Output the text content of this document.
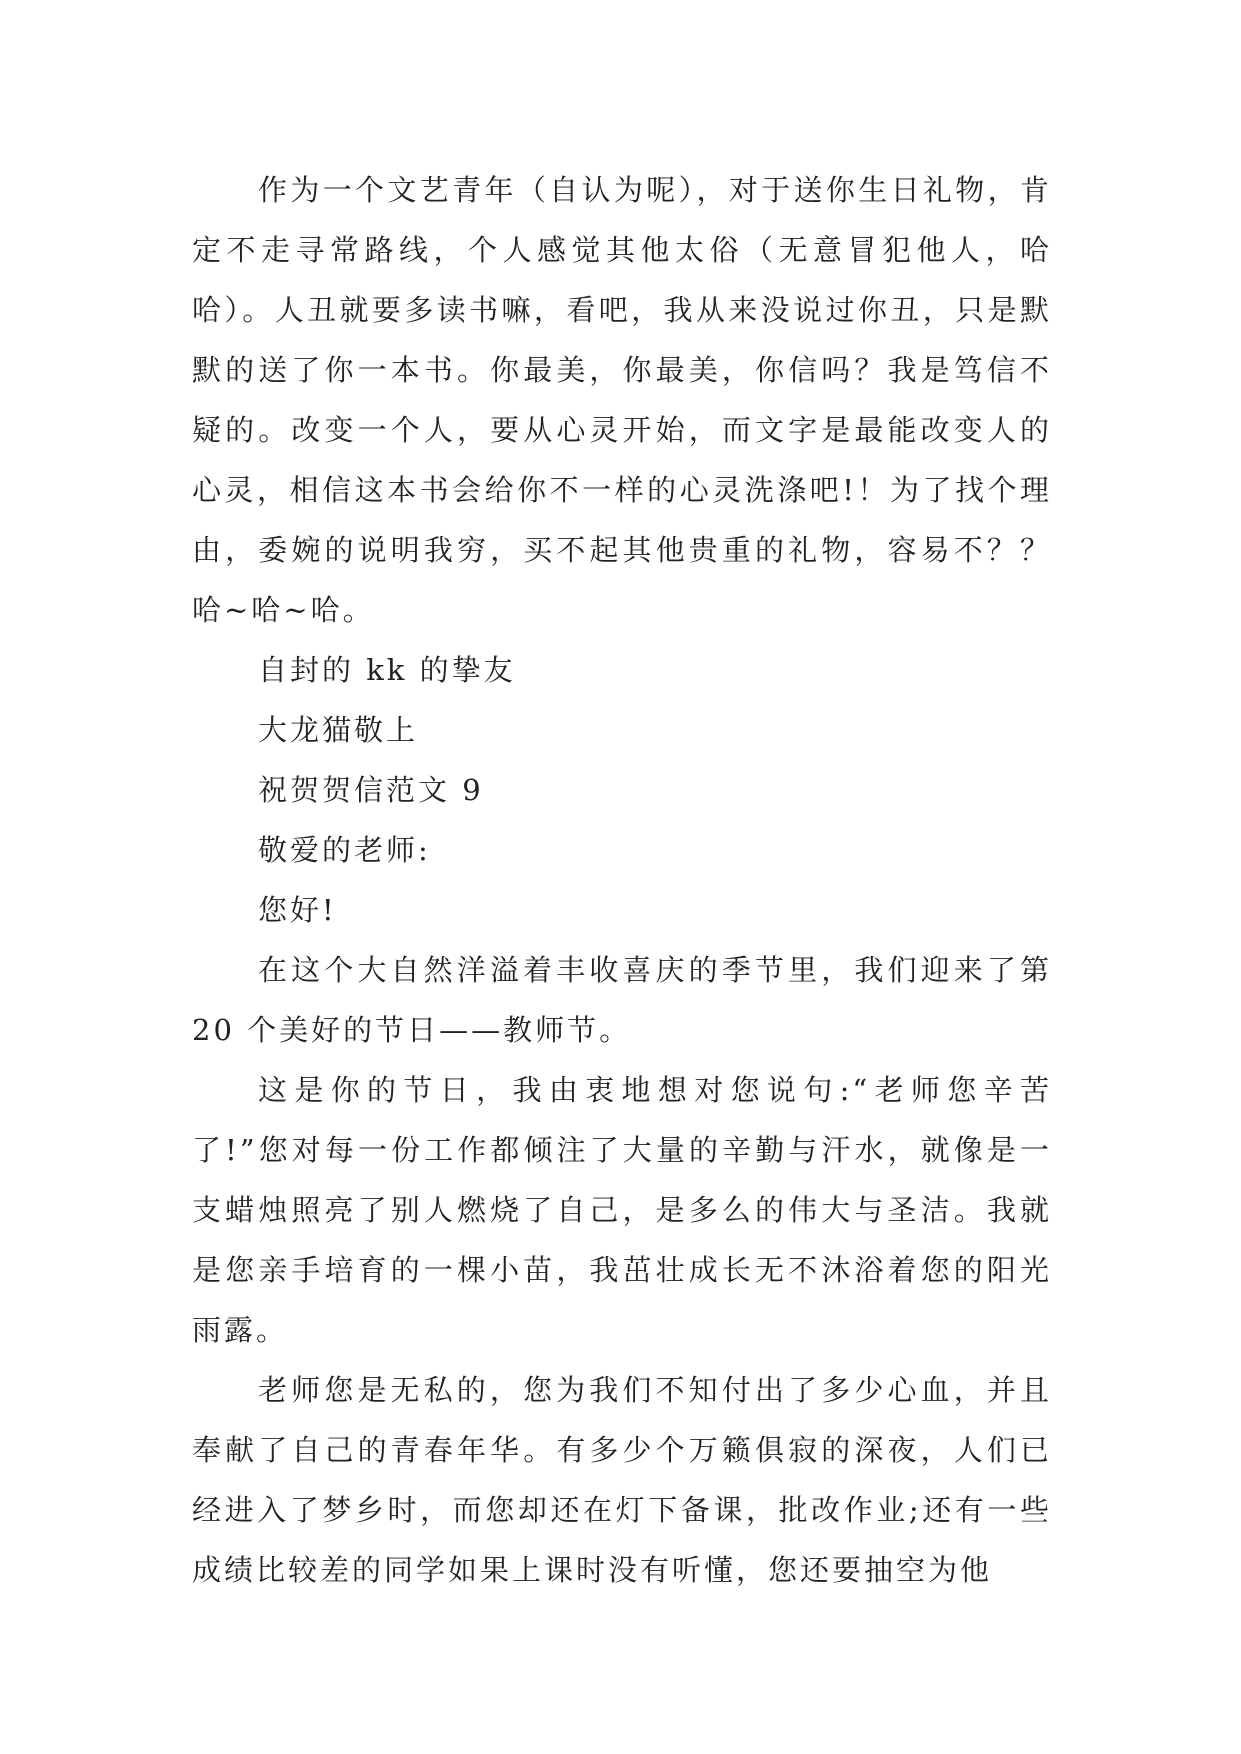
作为一个文艺青年（自认为呢），对于送你生日礼物，肯定不走寻常路线，个人感觉其他太俗（无意冒犯他人，哈哈）。人丑就要多读书嘛，看吧，我从来没说过你丑，只是默默的送了你一本书。你最美，你最美，你信吗？我是笃信不疑的。改变一个人，要从心灵开始，而文字是最能改变人的心灵，相信这本书会给你不一样的心灵洗涤吧!！为了找个理由，委婉的说明我穷，买不起其他贵重的礼物，容易不？？哈~哈~哈。

自封的 kk 的挚友

大龙猫敬上

祝贺贺信范文 9

敬爱的老师:

您好!

在这个大自然洋溢着丰收喜庆的季节里，我们迎来了第 20 个美好的节日——教师节。

这是你的节日，我由衷地想对您说句:“老师您辛苦了!”您对每一份工作都倾注了大量的辛勤与汗水，就像是一支蜡烛照亮了别人燃烧了自己，是多么的伟大与圣洁。我就是您亲手培育的一棵小苗，我茁壮成长无不沐浴着您的阳光雨露。

老师您是无私的，您为我们不知付出了多少心血，并且奉献了自己的青春年华。有多少个万籁俱寂的深夜，人们已经进入了梦乡时，而您却还在灯下备课，批改作业;还有一些成绩比较差的同学如果上课时没有听懂，您还要抽空为他
